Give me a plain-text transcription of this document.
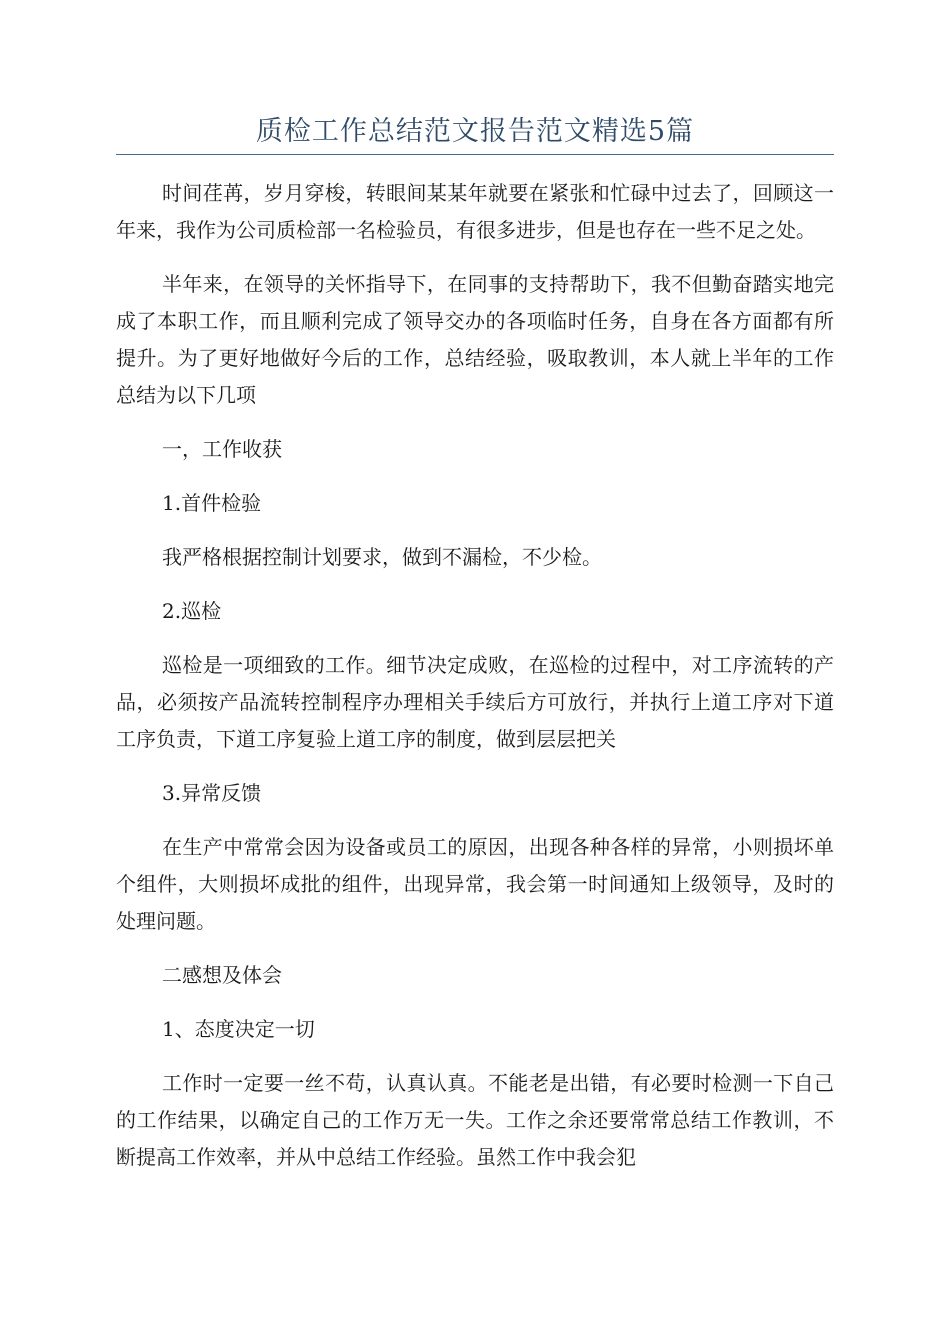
质检工作总结范文报告范文精选5篇

时间荏苒，岁月穿梭，转眼间某某年就要在紧张和忙碌中过去了，回顾这一年来，我作为公司质检部一名检验员，有很多进步，但是也存在一些不足之处。

半年来，在领导的关怀指导下，在同事的支持帮助下，我不但勤奋踏实地完成了本职工作，而且顺利完成了领导交办的各项临时任务，自身在各方面都有所提升。为了更好地做好今后的工作，总结经验，吸取教训，本人就上半年的工作总结为以下几项

一，工作收获

1.首件检验

我严格根据控制计划要求，做到不漏检，不少检。

2.巡检

巡检是一项细致的工作。细节决定成败，在巡检的过程中，对工序流转的产品，必须按产品流转控制程序办理相关手续后方可放行，并执行上道工序对下道工序负责，下道工序复验上道工序的制度，做到层层把关

3.异常反馈

在生产中常常会因为设备或员工的原因，出现各种各样的异常，小则损坏单个组件，大则损坏成批的组件，出现异常，我会第一时间通知上级领导，及时的处理问题。

二感想及体会

1、态度决定一切

工作时一定要一丝不苟，认真认真。不能老是出错，有必要时检测一下自己的工作结果，以确定自己的工作万无一失。工作之余还要常常总结工作教训，不断提高工作效率，并从中总结工作经验。虽然工作中我会犯
